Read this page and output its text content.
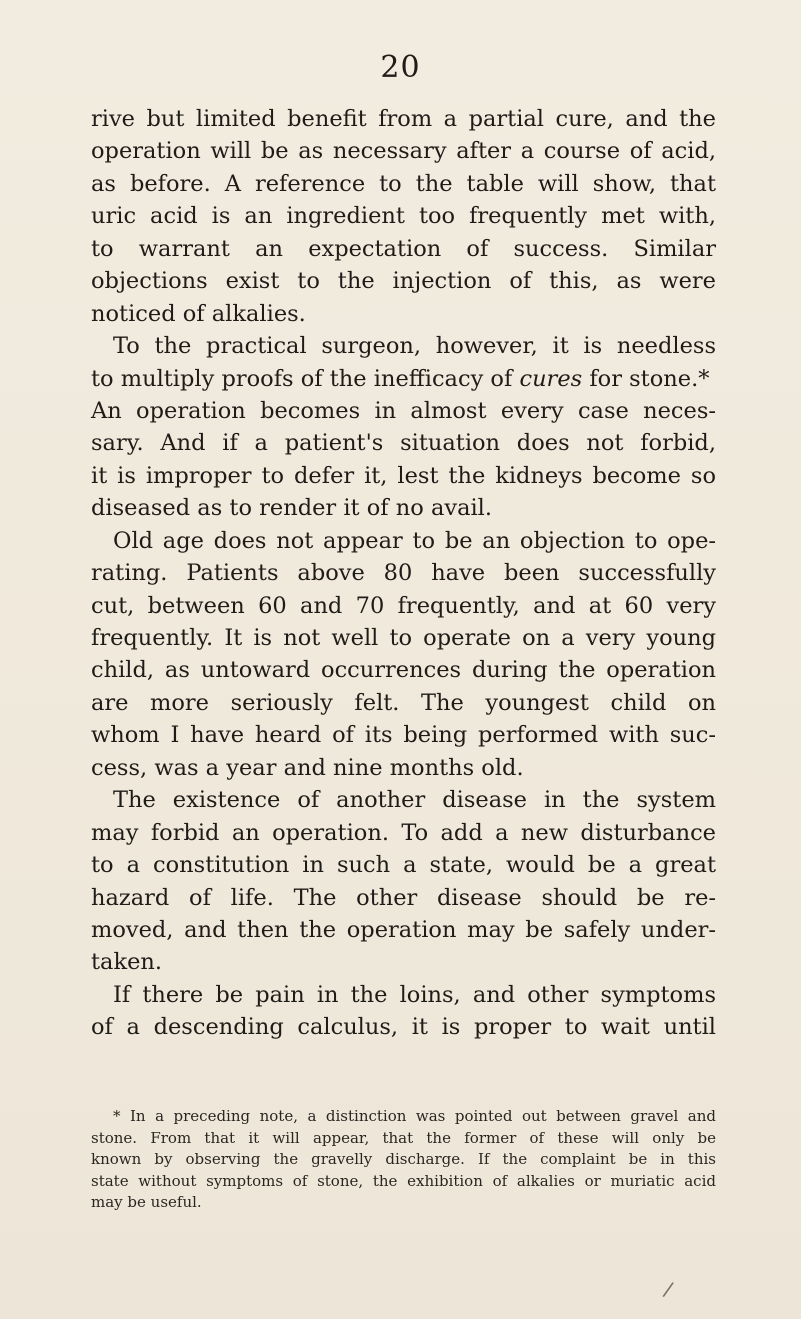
20
rive but limited benefit from a partial cure, and the
operation will be as necessary after a course of acid,
as before. A reference to the table will show, that
uric acid is an ingredient too frequently met with,
to warrant an expectation of success. Similar
objections exist to the injection of this, as were
noticed of alkalies.
To the practical surgeon, however, it is needless
to multiply proofs of the inefficacy of cures for stone.*
An operation becomes in almost every case neces-
sary. And if a patient's situation does not forbid,
it is improper to defer it, lest the kidneys become so
diseased as to render it of no avail.
Old age does not appear to be an objection to ope-
rating. Patients above 80 have been successfully
cut, between 60 and 70 frequently, and at 60 very
frequently. It is not well to operate on a very young
child, as untoward occurrences during the operation
are more seriously felt. The youngest child on
whom I have heard of its being performed with suc-
cess, was a year and nine months old.
The existence of another disease in the system
may forbid an operation. To add a new disturbance
to a constitution in such a state, would be a great
hazard of life. The other disease should be re-
moved, and then the operation may be safely under-
taken.
If there be pain in the loins, and other symptoms
of a descending calculus, it is proper to wait until
* In a preceding note, a distinction was pointed out between gravel and
stone. From that it will appear, that the former of these will only be
known by observing the gravelly discharge. If the complaint be in this
state without symptoms of stone, the exhibition of alkalies or muriatic acid
may be useful.
/
